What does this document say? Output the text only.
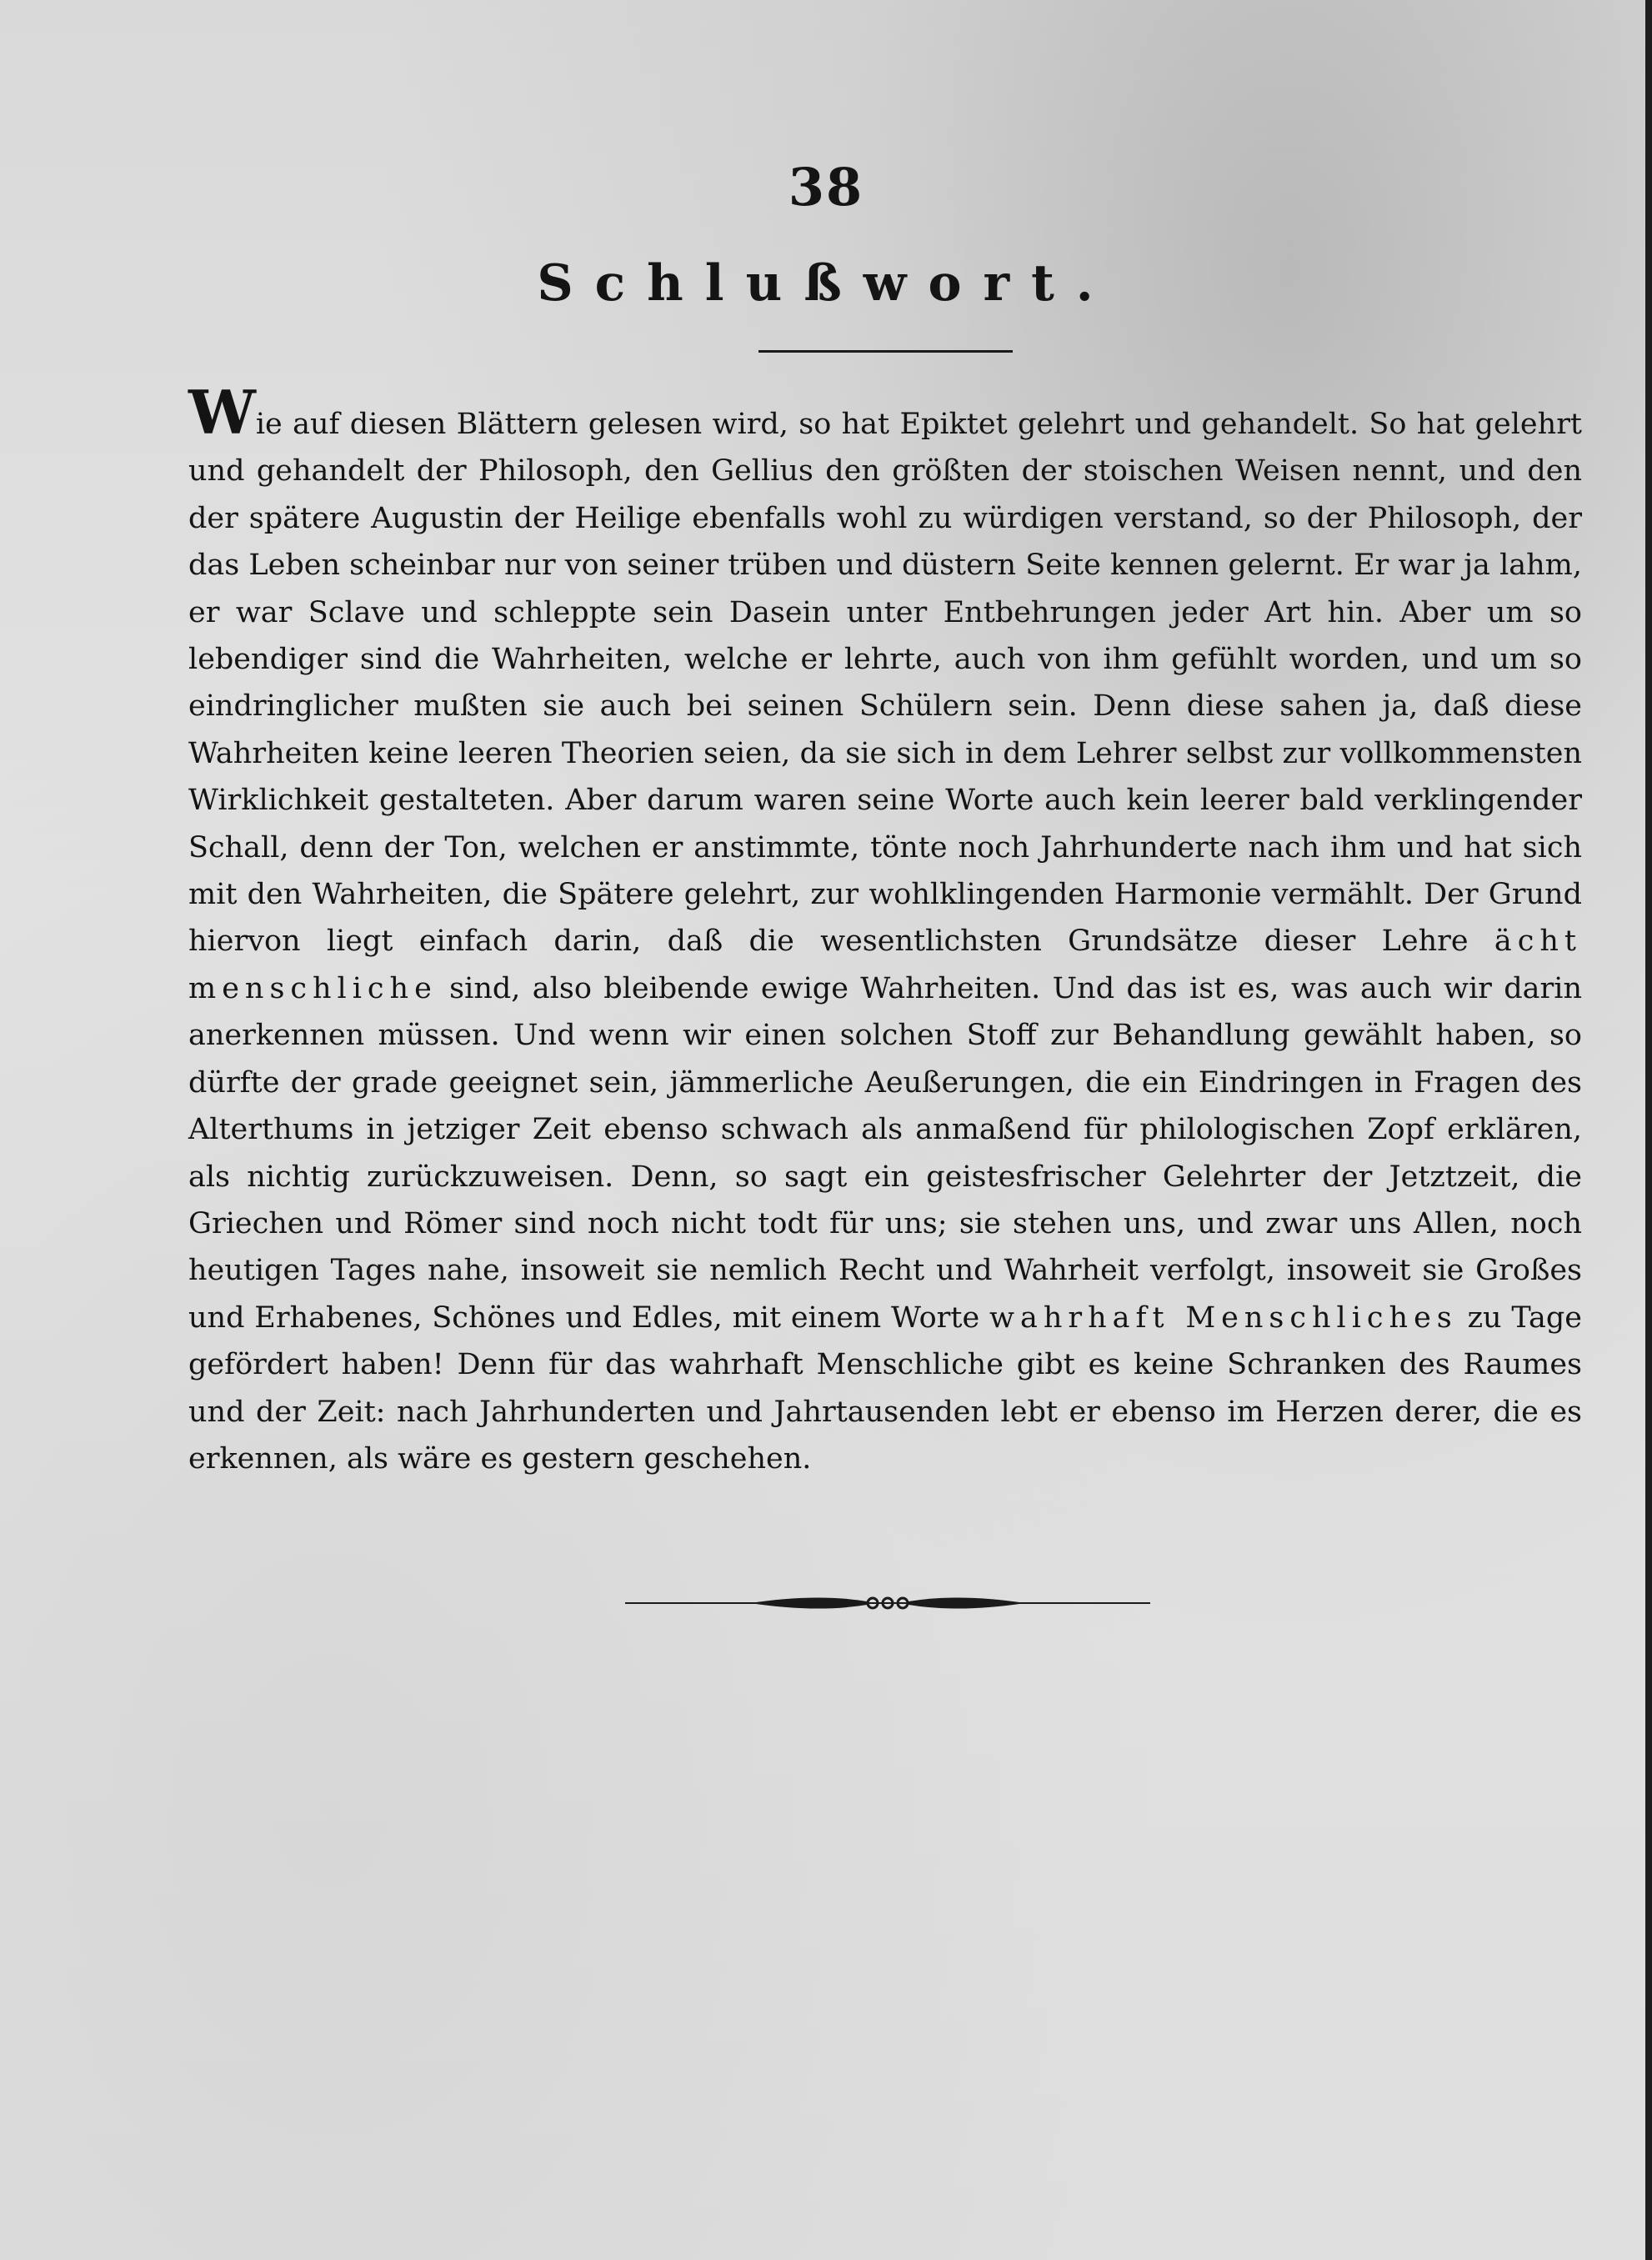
38
Schlußwort.

Wie auf diesen Blättern gelesen wird, so hat Epiktet gelehrt und gehandelt. So hat gelehrt und gehandelt der Philosoph, den Gellius den größten der stoischen Weisen nennt, und den der spätere Augustin der Heilige ebenfalls wohl zu würdigen verstand, so der Philosoph, der das Leben scheinbar nur von seiner trüben und düstern Seite kennen gelernt. Er war ja lahm, er war Sclave und schleppte sein Dasein unter Entbehrungen jeder Art hin. Aber um so lebendiger sind die Wahrheiten, welche er lehrte, auch von ihm gefühlt worden, und um so eindringlicher mußten sie auch bei seinen Schülern sein. Denn diese sahen ja, daß diese Wahrheiten keine leeren Theorien seien, da sie sich in dem Lehrer selbst zur vollkommensten Wirklichkeit gestalteten. Aber darum waren seine Worte auch kein leerer bald verklingender Schall, denn der Ton, welchen er anstimmte, tönte noch Jahrhunderte nach ihm und hat sich mit den Wahrheiten, die Spätere gelehrt, zur wohlklingenden Harmonie vermählt. Der Grund hiervon liegt einfach darin, daß die wesentlichsten Grundsätze dieser Lehre ächt menschliche sind, also bleibende ewige Wahrheiten. Und das ist es, was auch wir darin anerkennen müssen. Und wenn wir einen solchen Stoff zur Behandlung gewählt haben, so dürfte der grade geeignet sein, jämmerliche Aeußerungen, die ein Eindringen in Fragen des Alterthums in jetziger Zeit ebenso schwach als anmaßend für philologischen Zopf erklären, als nichtig zurückzuweisen. Denn, so sagt ein geistesfrischer Gelehrter der Jetztzeit, die Griechen und Römer sind noch nicht todt für uns; sie stehen uns, und zwar uns Allen, noch heutigen Tages nahe, insoweit sie nemlich Recht und Wahrheit verfolgt, insoweit sie Großes und Erhabenes, Schönes und Edles, mit einem Worte wahrhaft Menschliches zu Tage gefördert haben! Denn für das wahrhaft Menschliche gibt es keine Schranken des Raumes und der Zeit: nach Jahrhunderten und Jahrtausenden lebt er ebenso im Herzen derer, die es erkennen, als wäre es gestern geschehen.
